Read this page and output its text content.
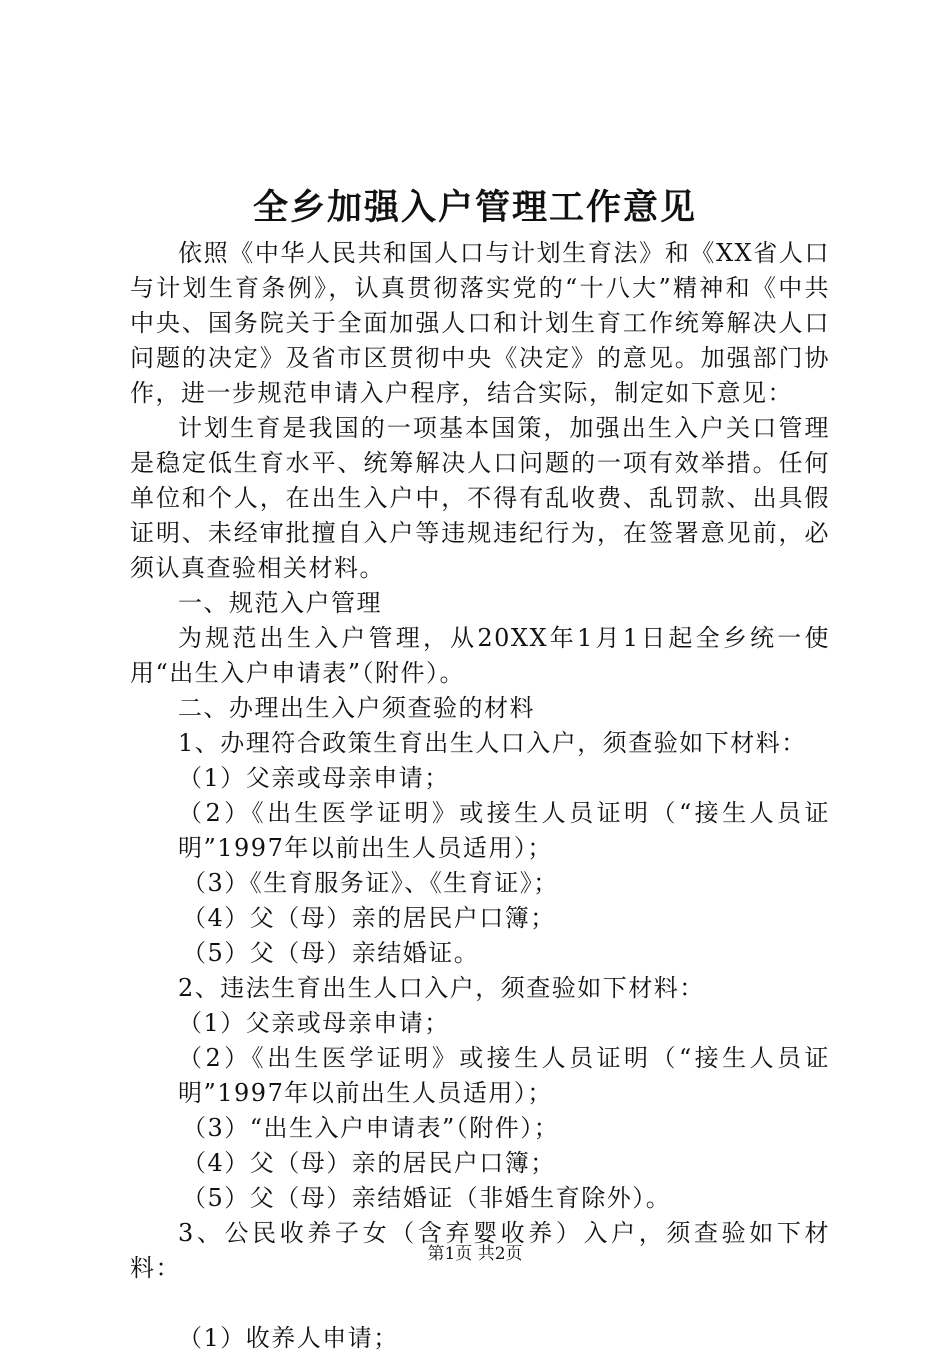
全乡加强入户管理工作意见

依照《中华人民共和国人口与计划生育法》和《XX省人口与计划生育条例》，认真贯彻落实党的“十八大”精神和《中共中央、国务院关于全面加强人口和计划生育工作统筹解决人口问题的决定》及省市区贯彻中央《决定》的意见。加强部门协作，进一步规范申请入户程序，结合实际，制定如下意见：

计划生育是我国的一项基本国策，加强出生入户关口管理是稳定低生育水平、统筹解决人口问题的一项有效举措。任何单位和个人，在出生入户中，不得有乱收费、乱罚款、出具假证明、未经审批擅自入户等违规违纪行为，在签署意见前，必须认真查验相关材料。

一、规范入户管理

为规范出生入户管理，从20XX年1月1日起全乡统一使用“出生入户申请表”（附件）。

二、办理出生入户须查验的材料

1、办理符合政策生育出生人口入户，须查验如下材料：

（1）父亲或母亲申请；

（2）《出生医学证明》或接生人员证明（“接生人员证明”1997年以前出生人员适用）；

（3）《生育服务证》、《生育证》；

（4）父（母）亲的居民户口簿；

（5）父（母）亲结婚证。

2、违法生育出生人口入户，须查验如下材料：

（1）父亲或母亲申请；

（2）《出生医学证明》或接生人员证明（“接生人员证明”1997年以前出生人员适用）；

（3）“出生入户申请表”（附件）；

（4）父（母）亲的居民户口簿；

（5）父（母）亲结婚证（非婚生育除外）。

3、公民收养子女（含弃婴收养）入户，须查验如下材料：

（1）收养人申请；

第1页 共2页
